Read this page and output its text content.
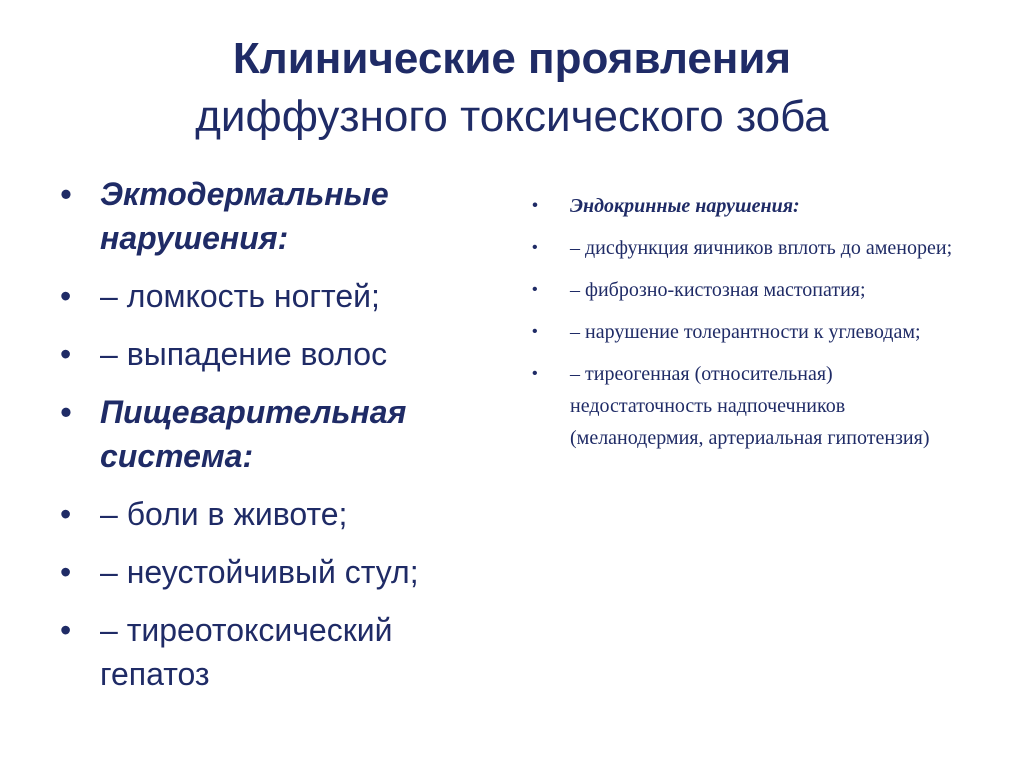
Клинические проявления
диффузного токсического зоба
• Эктодермальные нарушения:
• – ломкость ногтей;
• – выпадение волос
• Пищеварительная система:
• – боли в животе;
• – неустойчивый стул;
• – тиреотоксический гепатоз
• Эндокринные нарушения:
• – дисфункция яичников вплоть до аменореи;
• – фиброзно-кистозная мастопатия;
• – нарушение толерантности к углеводам;
• – тиреогенная (относительная) недостаточность надпочечников (меланодермия, артериальная гипотензия)
